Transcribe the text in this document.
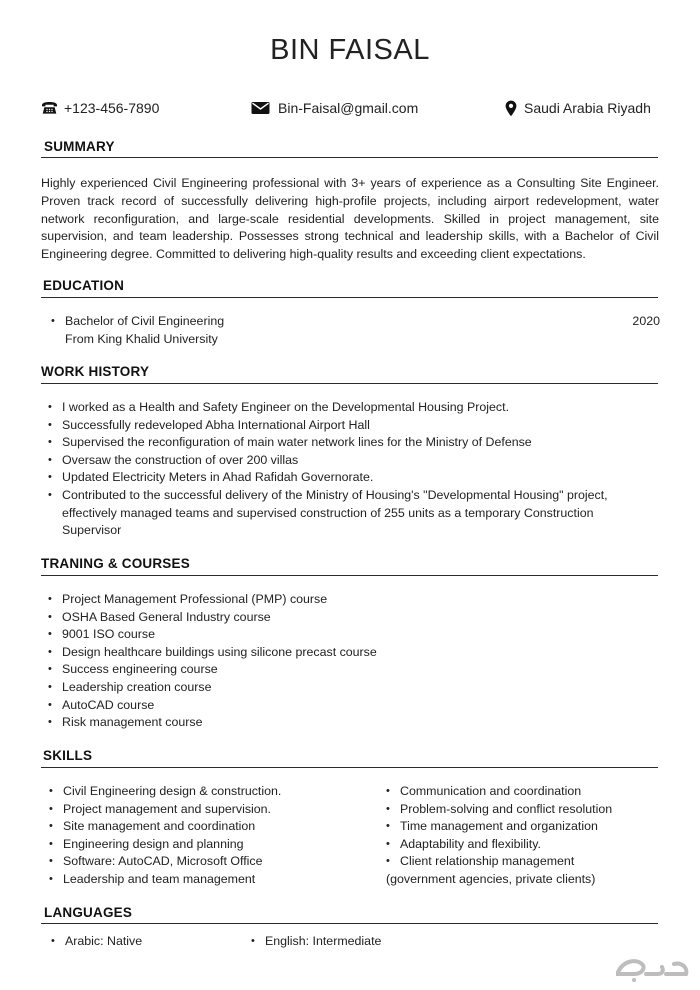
BIN FAISAL
+123-456-7890	Bin-Faisal@gmail.com	Saudi Arabia Riyadh
SUMMARY
Highly experienced Civil Engineering professional with 3+ years of experience as a Consulting Site Engineer. Proven track record of successfully delivering high-profile projects, including airport redevelopment, water network reconfiguration, and large-scale residential developments. Skilled in project management, site supervision, and team leadership. Possesses strong technical and leadership skills, with a Bachelor of Civil Engineering degree. Committed to delivering high-quality results and exceeding client expectations.
EDUCATION
• Bachelor of Civil Engineering
From King Khalid University
2020
WORK HISTORY
• I worked as a Health and Safety Engineer on the Developmental Housing Project.
• Successfully redeveloped Abha International Airport Hall
• Supervised the reconfiguration of main water network lines for the Ministry of Defense
• Oversaw the construction of over 200 villas
• Updated Electricity Meters in Ahad Rafidah Governorate.
• Contributed to the successful delivery of the Ministry of Housing's "Developmental Housing" project, effectively managed teams and supervised construction of 255 units as a temporary Construction Supervisor
TRANING & COURSES
• Project Management Professional (PMP) course
• OSHA Based General Industry course
• 9001 ISO course
• Design healthcare buildings using silicone precast course
• Success engineering course
• Leadership creation course
• AutoCAD course
• Risk management course
SKILLS
• Civil Engineering design & construction.
• Project management and supervision.
• Site management and coordination
• Engineering design and planning
• Software: AutoCAD, Microsoft Office
• Leadership and team management
• Communication and coordination
• Problem-solving and conflict resolution
• Time management and organization
• Adaptability and flexibility.
• Client relationship management
(government agencies, private clients)
LANGUAGES
• Arabic: Native
•	English: Intermediate
